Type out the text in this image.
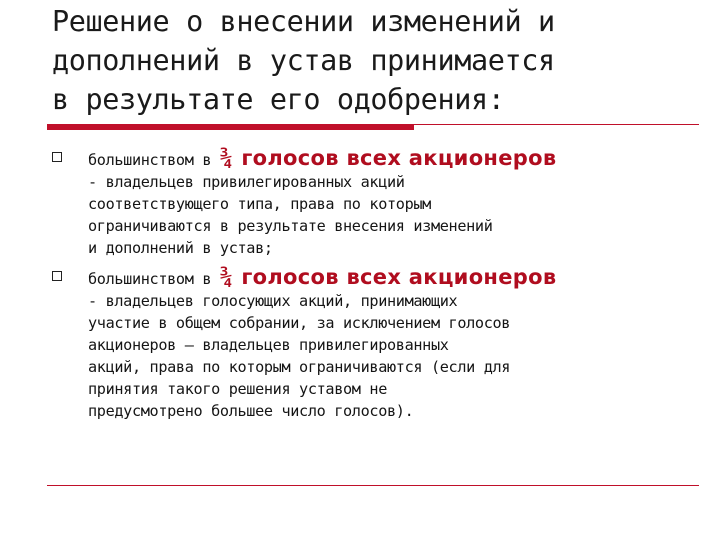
Решение о внесении изменений и
дополнений в устав принимается
в результате его одобрения:
большинством в ¾ голосов всех акционеров
- владельцев привилегированных акций
соответствующего типа, права по которым
ограничиваются в результате внесения изменений
и дополнений в устав;
большинством в ¾ голосов всех акционеров
- владельцев голосующих акций, принимающих
участие в общем собрании, за исключением голосов
акционеров – владельцев привилегированных
акций, права по которым ограничиваются (если для
принятия такого решения уставом не
предусмотрено большее число голосов).
